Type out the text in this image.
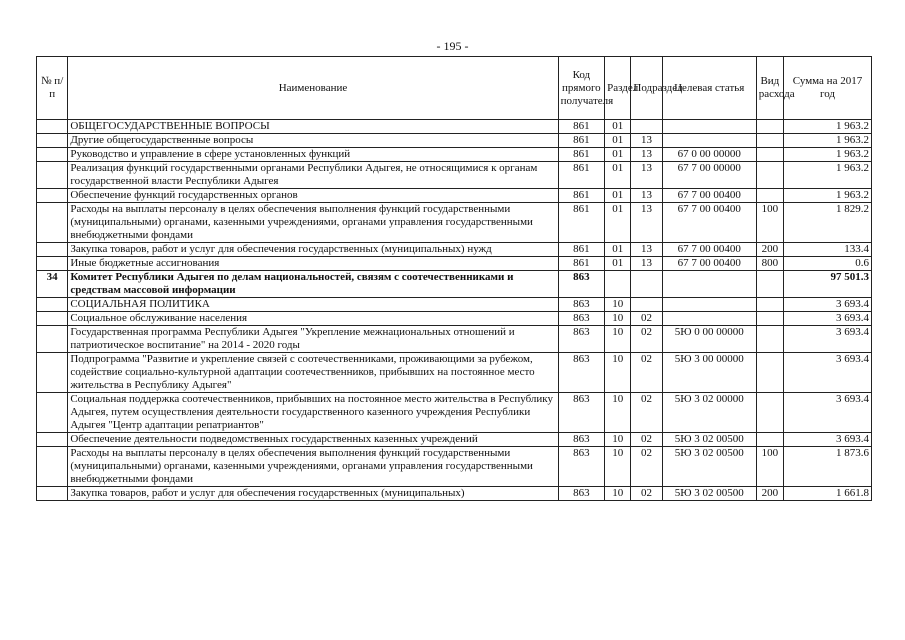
- 195 -
№ п/п	Наименование	Код прямого получателя	Раздел	Подраздел	Целевая статья	Вид расхода	Сумма на 2017 год
	ОБЩЕГОСУДАРСТВЕННЫЕ ВОПРОСЫ	861	01				1 963.2
	Другие общегосударственные вопросы	861	01	13			1 963.2
	Руководство и управление в сфере установленных функций	861	01	13	67 0 00 00000		1 963.2
	Реализация функций государственными органами Республики Адыгея, не относящимися к органам государственной власти Республики Адыгея	861	01	13	67 7 00 00000		1 963.2
	Обеспечение функций государственных органов	861	01	13	67 7 00 00400		1 963.2
	Расходы на выплаты персоналу в целях обеспечения выполнения функций государственными (муниципальными) органами, казенными учреждениями, органами управления государственными внебюджетными фондами	861	01	13	67 7 00 00400	100	1 829.2
	Закупка товаров, работ и услуг для обеспечения государственных (муниципальных) нужд	861	01	13	67 7 00 00400	200	133.4
	Иные бюджетные ассигнования	861	01	13	67 7 00 00400	800	0.6
34	Комитет Республики Адыгея по делам национальностей, связям с соотечественниками и средствам массовой информации	863					97 501.3
	СОЦИАЛЬНАЯ ПОЛИТИКА	863	10				3 693.4
	Социальное обслуживание населения	863	10	02			3 693.4
	Государственная программа Республики Адыгея "Укрепление межнациональных отношений и патриотическое воспитание" на 2014 - 2020 годы	863	10	02	5Ю 0 00 00000		3 693.4
	Подпрограмма "Развитие и укрепление связей с соотечественниками, проживающими за рубежом, содействие социально-культурной адаптации соотечественников, прибывших на постоянное место жительства в Республику Адыгея"	863	10	02	5Ю 3 00 00000		3 693.4
	Социальная поддержка соотечественников, прибывших на постоянное место жительства в Республику Адыгея, путем осуществления деятельности государственного казенного учреждения Республики Адыгея "Центр адаптации репатриантов"	863	10	02	5Ю 3 02 00000		3 693.4
	Обеспечение деятельности подведомственных государственных казенных учреждений	863	10	02	5Ю 3 02 00500		3 693.4
	Расходы на выплаты персоналу в целях обеспечения выполнения функций государственными (муниципальными) органами, казенными учреждениями, органами управления государственными внебюджетными фондами	863	10	02	5Ю 3 02 00500	100	1 873.6
	Закупка товаров, работ и услуг для обеспечения государственных (муниципальных)	863	10	02	5Ю 3 02 00500	200	1 661.8
